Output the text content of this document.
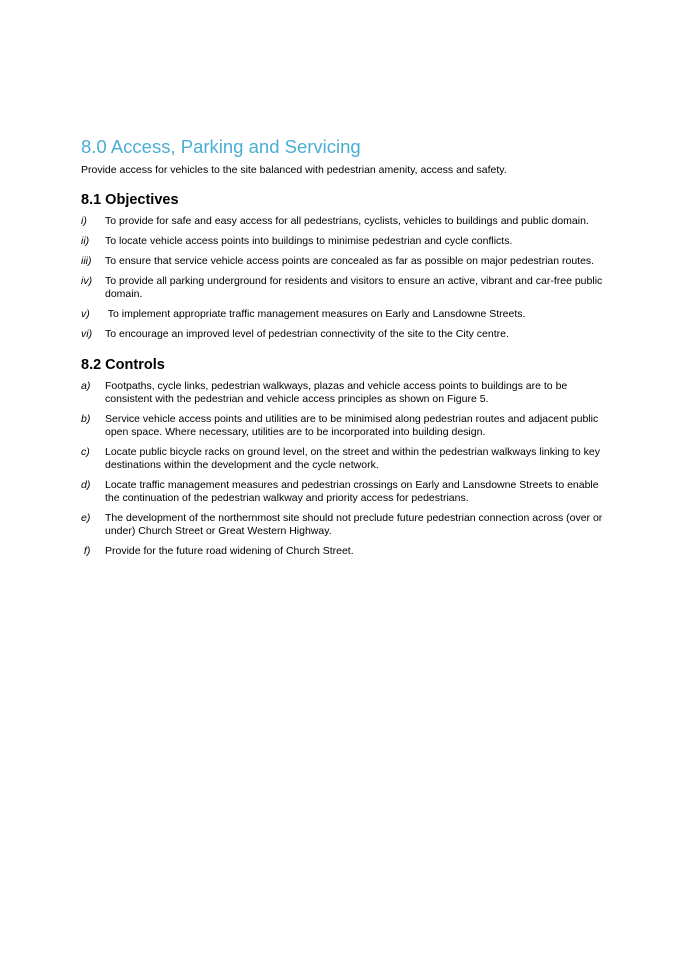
8.0 Access, Parking and Servicing
Provide access for vehicles to the site balanced with pedestrian amenity, access and safety.
8.1 Objectives
i)	To provide for safe and easy access for all pedestrians, cyclists, vehicles to buildings and public domain.
ii)	To locate vehicle access points into buildings to minimise pedestrian and cycle conflicts.
iii)	To ensure that service vehicle access points are concealed as far as possible on major pedestrian routes.
iv)	To provide all parking underground for residents and visitors to ensure an active, vibrant and car-free public domain.
v)	To implement appropriate traffic management measures on Early and Lansdowne Streets.
vi)	To encourage an improved level of pedestrian connectivity of the site to the City centre.
8.2 Controls
a)	Footpaths, cycle links, pedestrian walkways, plazas and vehicle access points to buildings are to be consistent with the pedestrian and vehicle access principles as shown on Figure 5.
b)	Service vehicle access points and utilities are to be minimised along pedestrian routes and adjacent public open space. Where necessary, utilities are to be incorporated into building design.
c)	Locate public bicycle racks on ground level, on the street and within the pedestrian walkways linking to key destinations within the development and the cycle network.
d)	Locate traffic management measures and pedestrian crossings on Early and Lansdowne Streets to enable the continuation of the pedestrian walkway and priority access for pedestrians.
e)	The development of the northernmost site should not preclude future pedestrian connection across (over or under) Church Street or Great Western Highway.
f)	Provide for the future road widening of Church Street.
